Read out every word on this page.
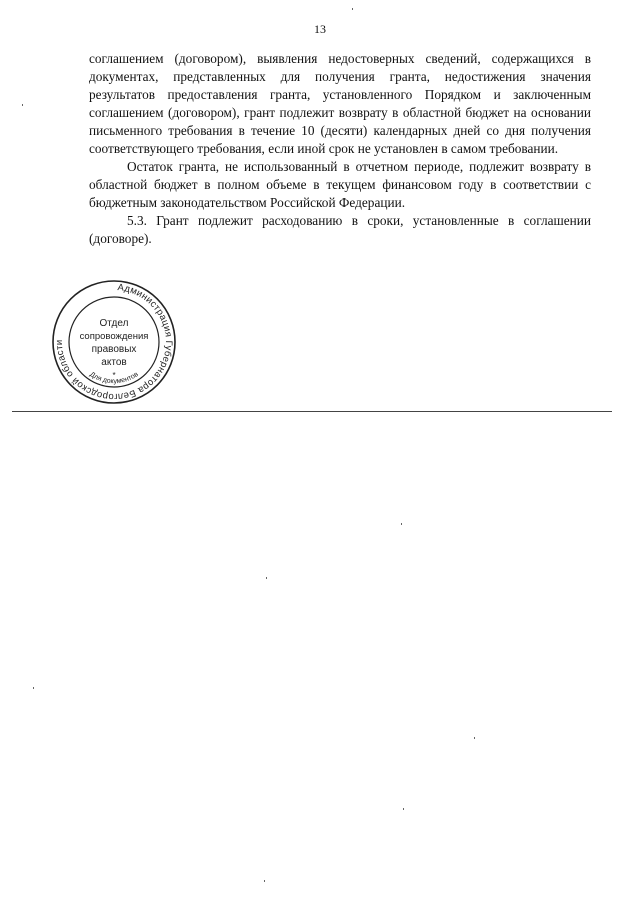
13

соглашением (договором), выявления недостоверных сведений, содержащихся в документах, представленных для получения гранта, недостижения значения результатов предоставления гранта, установленного Порядком и заключенным соглашением (договором), грант подлежит возврату в областной бюджет на основании письменного требования в течение 10 (десяти) календарных дней со дня получения соответствующего требования, если иной срок не установлен в самом требовании.

Остаток гранта, не использованный в отчетном периоде, подлежит возврату в областной бюджет в полном объеме в текущем финансовом году в соответствии с бюджетным законодательством Российской Федерации.

5.3. Грант подлежит расходованию в сроки, установленные в соглашении (договоре).

Администрация Губернатора Белгородской области
Для документов
*
Отдел
сопровождения
правовых
актов
